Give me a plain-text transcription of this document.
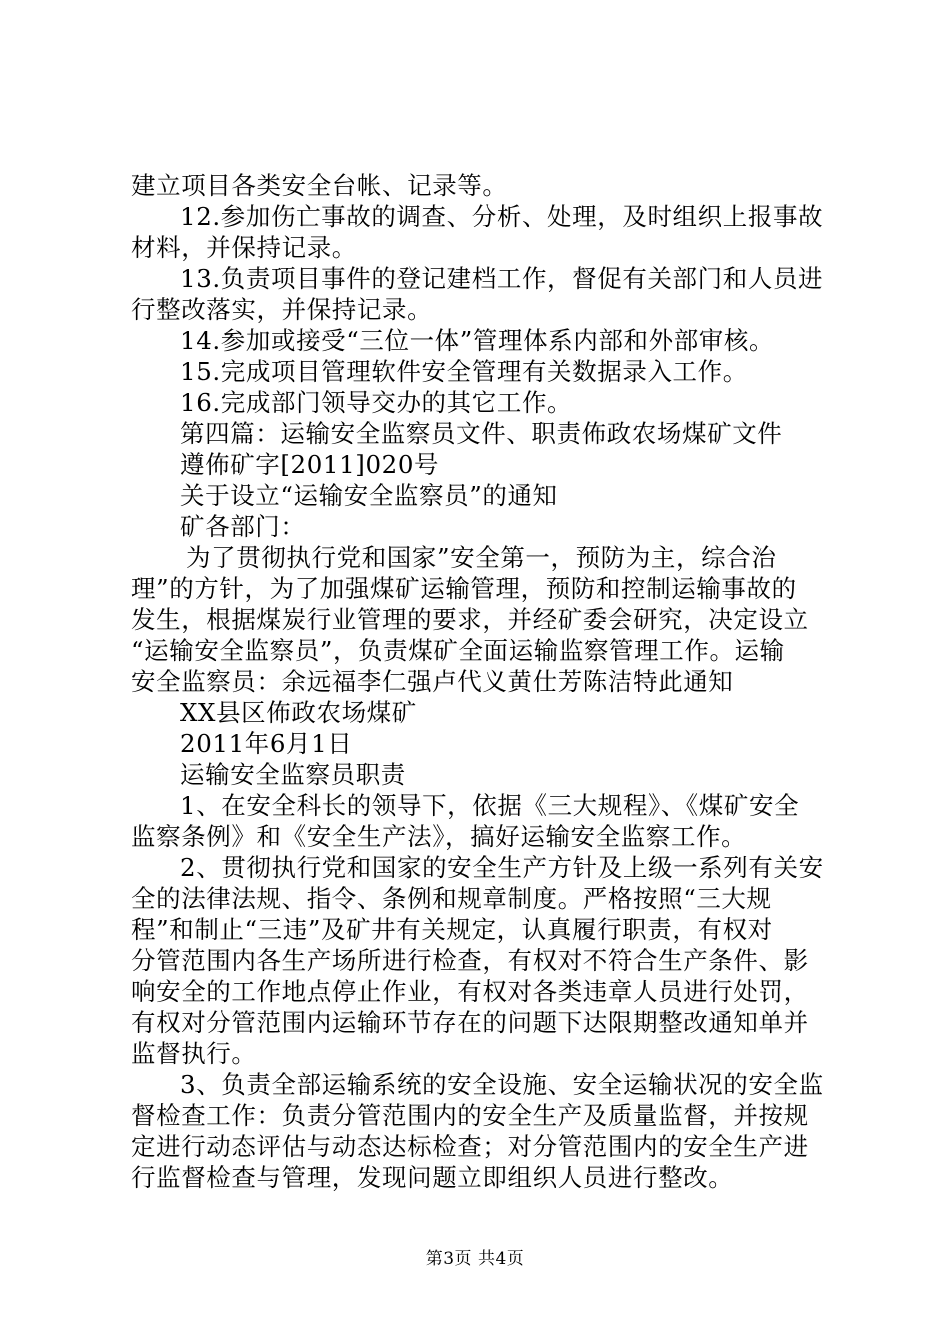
建立项目各类安全台帐、记录等。
12.参加伤亡事故的调查、分析、处理，及时组织上报事故
材料，并保持记录。
13.负责项目事件的登记建档工作，督促有关部门和人员进
行整改落实，并保持记录。
14.参加或接受“三位一体”管理体系内部和外部审核。
15.完成项目管理软件安全管理有关数据录入工作。
16.完成部门领导交办的其它工作。
第四篇：运输安全监察员文件、职责佈政农场煤矿文件
遵佈矿字[2011]020号
关于设立“运输安全监察员”的通知
矿各部门：
为了贯彻执行党和国家”安全第一，预防为主，综合治
理”的方针，为了加强煤矿运输管理，预防和控制运输事故的
发生，根据煤炭行业管理的要求，并经矿委会研究，决定设立
“运输安全监察员”，负责煤矿全面运输监察管理工作。运输
安全监察员：余远福李仁强卢代义黄仕芳陈洁特此通知
XX县区佈政农场煤矿
2011年6月1日
运输安全监察员职责
1、在安全科长的领导下，依据《三大规程》、《煤矿安全
监察条例》和《安全生产法》，搞好运输安全监察工作。
2、贯彻执行党和国家的安全生产方针及上级一系列有关安
全的法律法规、指令、条例和规章制度。严格按照“三大规
程”和制止“三违”及矿井有关规定，认真履行职责，有权对
分管范围内各生产场所进行检查，有权对不符合生产条件、影
响安全的工作地点停止作业，有权对各类违章人员进行处罚，
有权对分管范围内运输环节存在的问题下达限期整改通知单并
监督执行。
3、负责全部运输系统的安全设施、安全运输状况的安全监
督检查工作：负责分管范围内的安全生产及质量监督，并按规
定进行动态评估与动态达标检查；对分管范围内的安全生产进
行监督检查与管理，发现问题立即组织人员进行整改。
第3页 共4页
